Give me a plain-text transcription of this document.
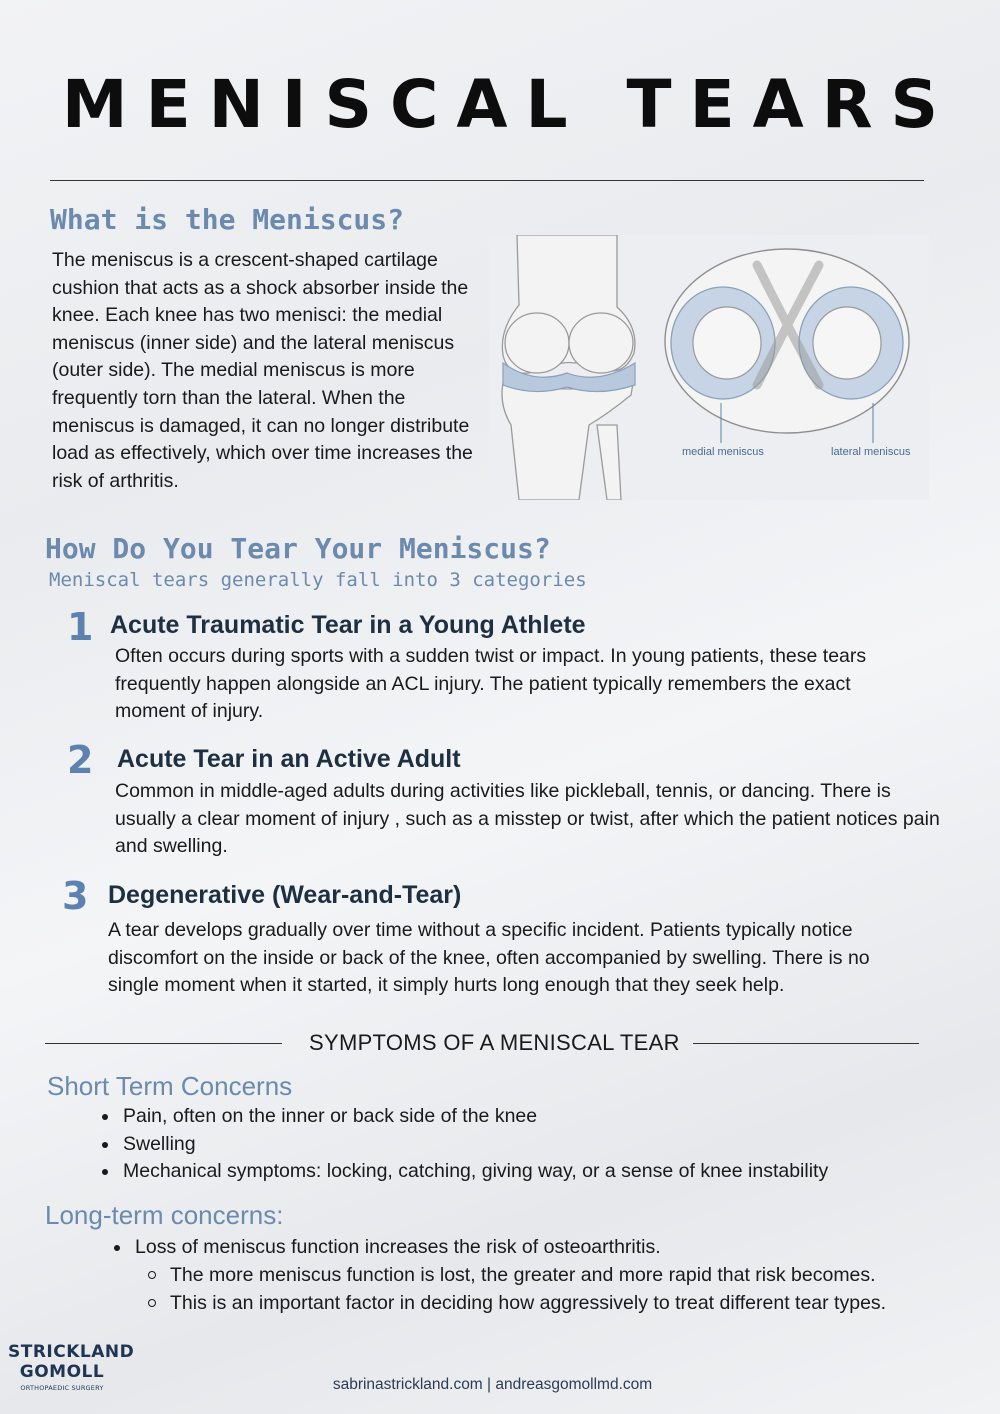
MENISCAL TEARS
What is the Meniscus?
The meniscus is a crescent-shaped cartilage cushion that acts as a shock absorber inside the knee. Each knee has two menisci: the medial meniscus (inner side) and the lateral meniscus (outer side). The medial meniscus is more frequently torn than the lateral. When the meniscus is damaged, it can no longer distribute load as effectively, which over time increases the risk of arthritis.
medial meniscus	lateral meniscus
How Do You Tear Your Meniscus?
Meniscal tears generally fall into 3 categories
1 Acute Traumatic Tear in a Young Athlete
Often occurs during sports with a sudden twist or impact. In young patients, these tears frequently happen alongside an ACL injury. The patient typically remembers the exact moment of injury.
2 Acute Tear in an Active Adult
Common in middle-aged adults during activities like pickleball, tennis, or dancing. There is usually a clear moment of injury , such as a misstep or twist, after which the patient notices pain and swelling.
3 Degenerative (Wear-and-Tear)
A tear develops gradually over time without a specific incident. Patients typically notice discomfort on the inside or back of the knee, often accompanied by swelling. There is no single moment when it started, it simply hurts long enough that they seek help.
SYMPTOMS OF A MENISCAL TEAR
Short Term Concerns
Pain, often on the inner or back side of the knee
Swelling
Mechanical symptoms: locking, catching, giving way, or a sense of knee instability
Long-term concerns:
Loss of meniscus function increases the risk of osteoarthritis.
The more meniscus function is lost, the greater and more rapid that risk becomes.
This is an important factor in deciding how aggressively to treat different tear types.
STRICKLAND
GOMOLL
ORTHOPAEDIC SURGERY	sabrinastrickland.com | andreasgomollmd.com
